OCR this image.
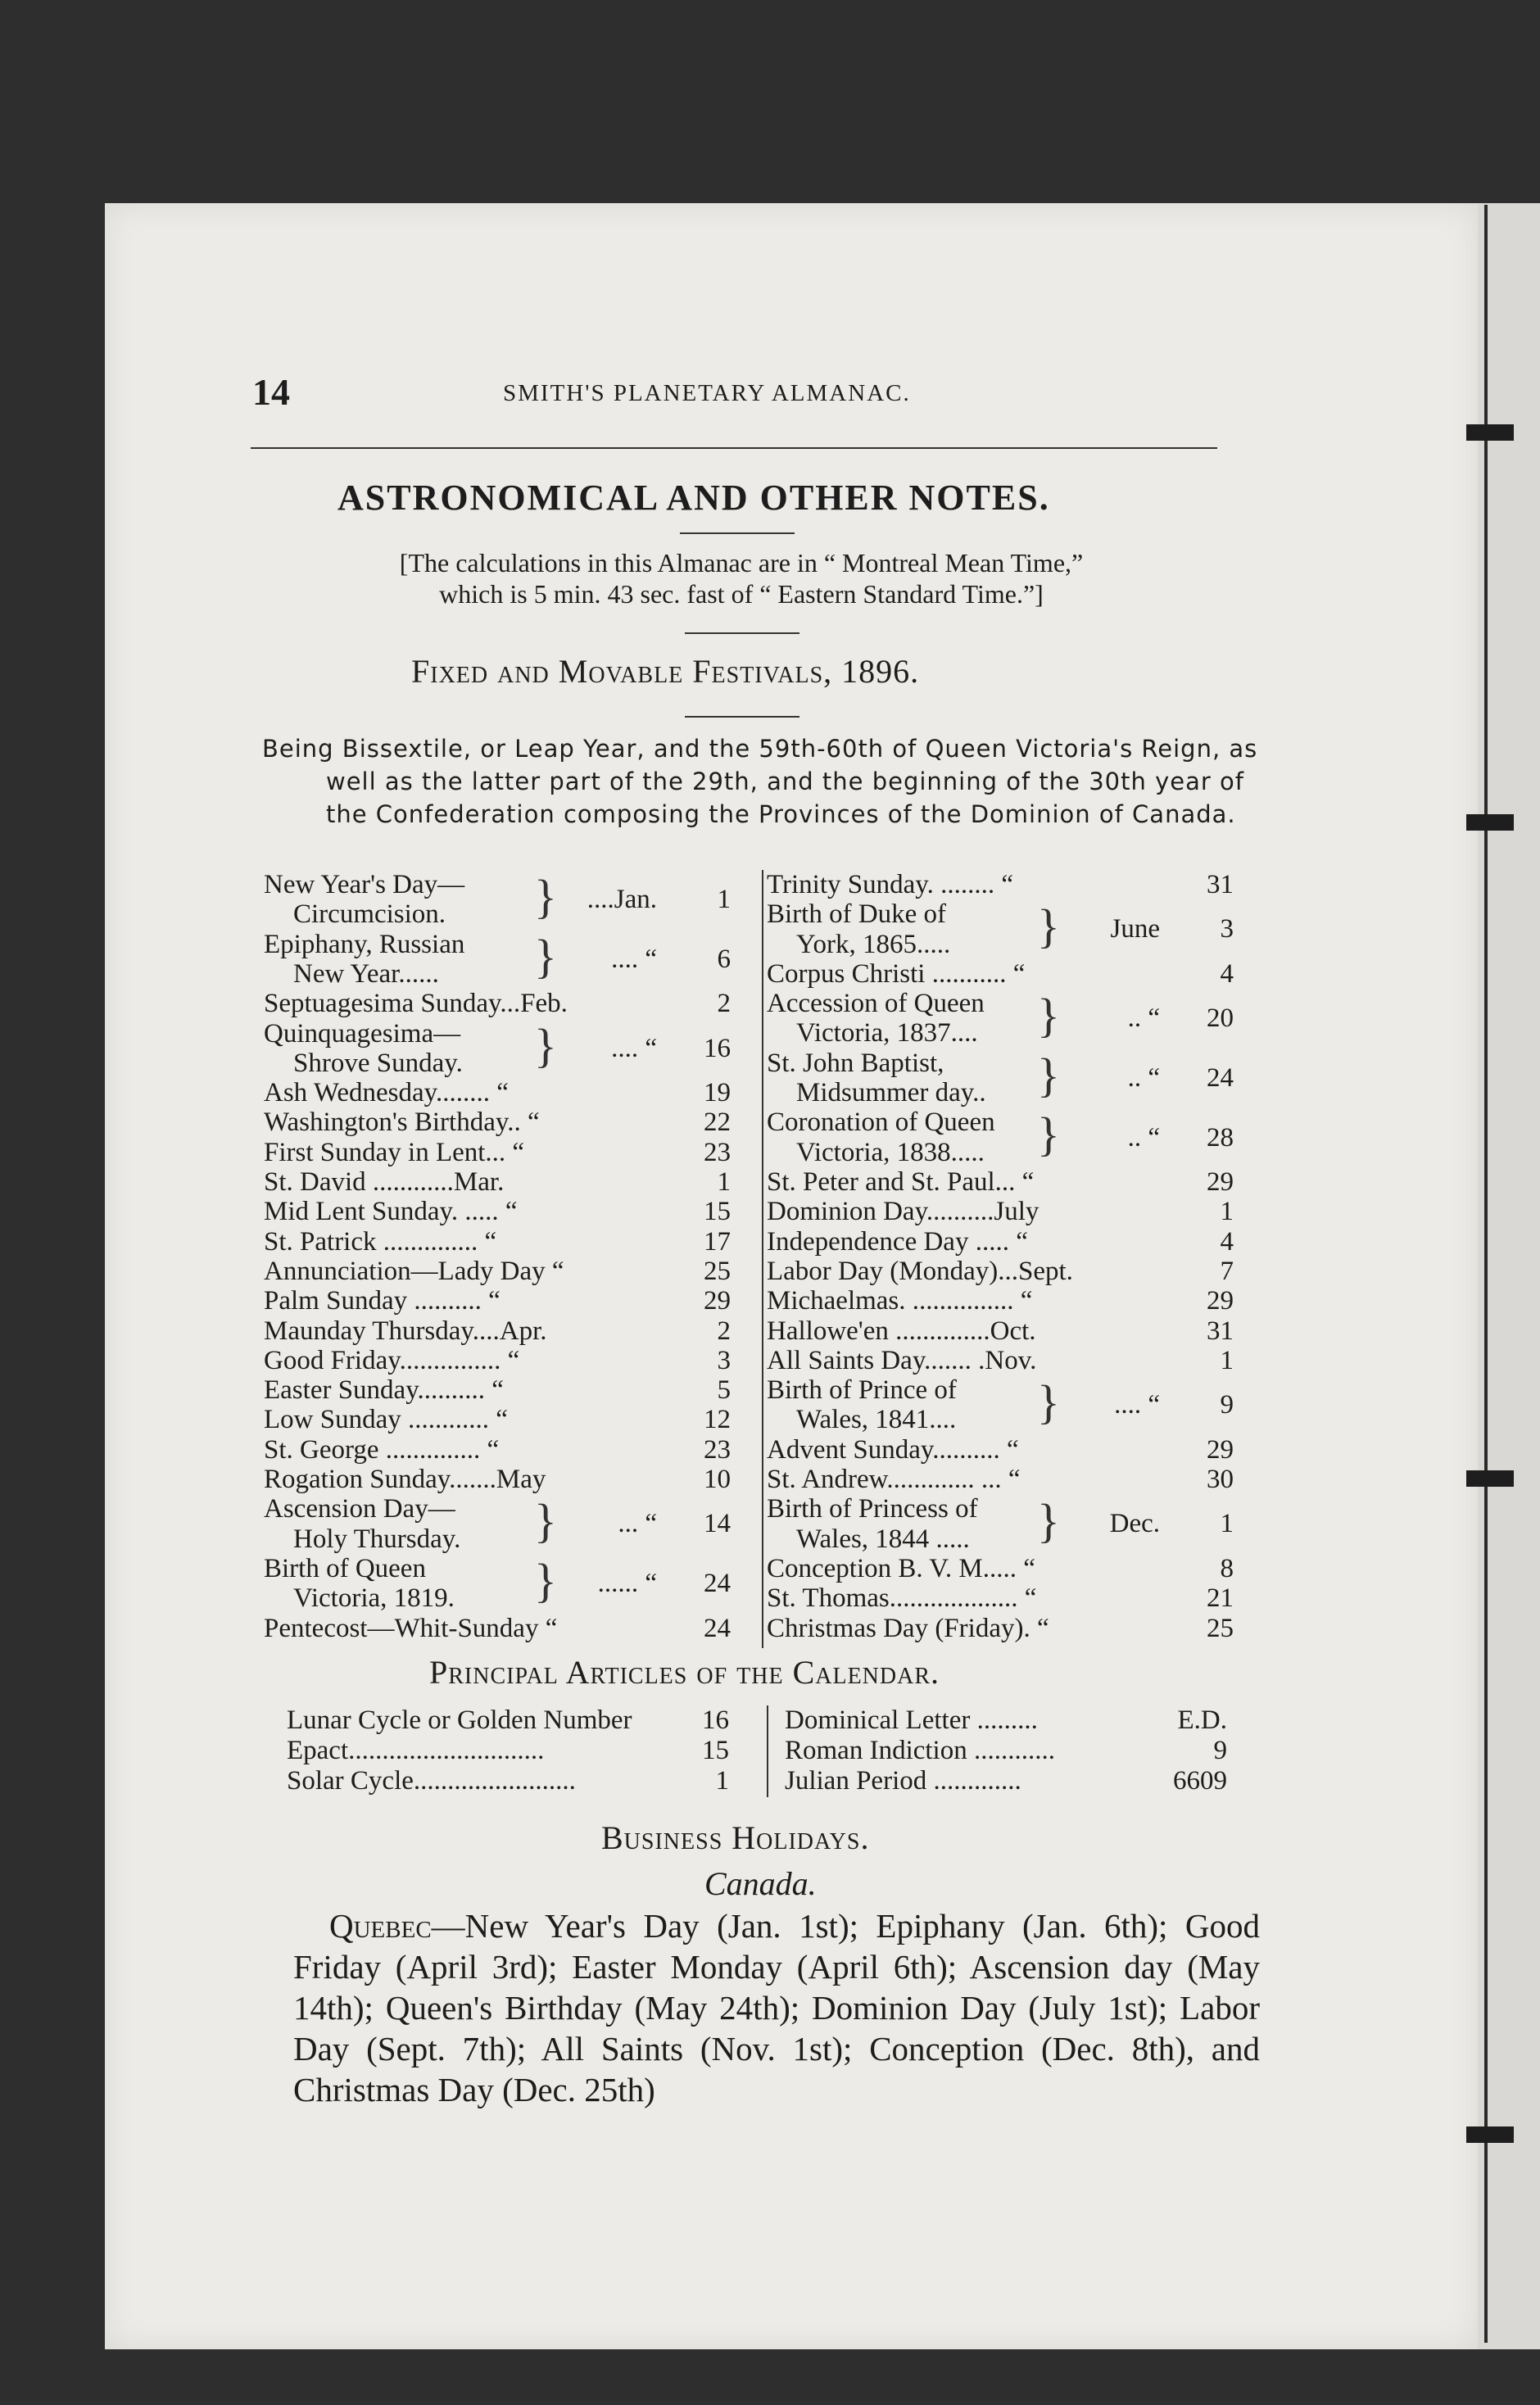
14	SMITH'S PLANETARY ALMANAC.
ASTRONOMICAL AND OTHER NOTES.
[The calculations in this Almanac are in “ Montreal Mean Time,”
which is 5 min. 43 sec. fast of “ Eastern Standard Time.”]
Fixed and Movable Festivals, 1896.
Being Bissextile, or Leap Year, and the 59th-60th of Queen Victoria's Reign, as well as the latter part of the 29th, and the beginning of the 30th year of the Confederation composing the Provinces of the Dominion of Canada.
New Year's Day—
Circumcision. }	....Jan.	1
Epiphany, Russian
New Year...... }	.... “	6
Septuagesima Sunday...Feb.	2
Quinquagesima—
Shrove Sunday. }	.... “	16
Ash Wednesday........ “	19
Washington's Birthday.. “	22
First Sunday in Lent... “	23
St. David ............Mar.	1
Mid Lent Sunday. ..... “	15
St. Patrick .............. “	17
Annunciation—Lady Day “	25
Palm Sunday .......... “	29
Maunday Thursday....Apr.	2
Good Friday............... “	3
Easter Sunday.......... “	5
Low Sunday ............ “	12
St. George .............. “	23
Rogation Sunday.......May	10
Ascension Day—
Holy Thursday. }	... “	14
Birth of Queen
Victoria, 1819. }	...... “	24
Pentecost—Whit-Sunday “	24
Trinity Sunday. ........ “	31
Birth of Duke of
York, 1865..... }	June	3
Corpus Christi ........... “	4
Accession of Queen
Victoria, 1837.... }	.. “	20
St. John Baptist,
Midsummer day.. }	.. “	24
Coronation of Queen
Victoria, 1838..... }	.. “	28
St. Peter and St. Paul... “	29
Dominion Day..........July	1
Independence Day ..... “	4
Labor Day (Monday)...Sept.	7
Michaelmas. ............... “	29
Hallowe'en ..............Oct.	31
All Saints Day....... .Nov.	1
Birth of Prince of
Wales, 1841.... }	.... “	9
Advent Sunday.......... “	29
St. Andrew............. ... “	30
Birth of Princess of
Wales, 1844 ..... }	Dec.	1
Conception B. V. M..... “	8
St. Thomas................... “	21
Christmas Day (Friday). “	25
Principal Articles of the Calendar.
Lunar Cycle or Golden Number	16
Epact.............................	15
Solar Cycle........................	1
Dominical Letter .........	E.D.
Roman Indiction ............	9
Julian Period .............	6609
Business Holidays.
Canada.
Quebec—New Year's Day (Jan. 1st); Epiphany (Jan. 6th); Good Friday (April 3rd); Easter Monday (April 6th); Ascension day (May 14th); Queen's Birthday (May 24th); Dominion Day (July 1st); Labor Day (Sept. 7th); All Saints (Nov. 1st); Conception (Dec. 8th), and Christmas Day (Dec. 25th)
